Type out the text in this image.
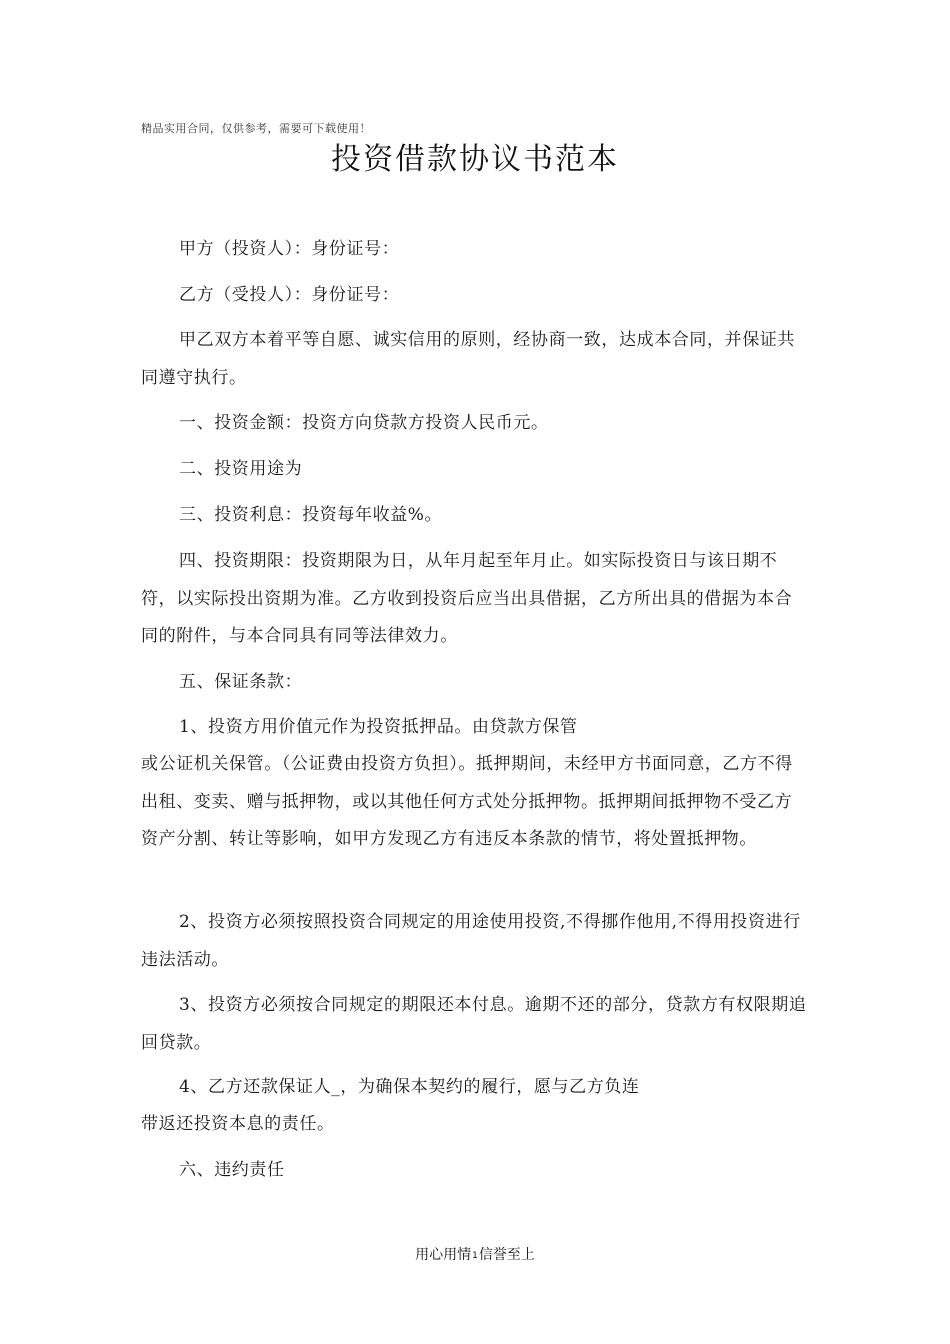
精品实用合同，仅供参考，需要可下载使用！
投资借款协议书范本
甲方（投资人）：身份证号：
乙方（受投人）：身份证号：
甲乙双方本着平等自愿、诚实信用的原则，经协商一致，达成本合同，并保证共同遵守执行。
一、投资金额：投资方向贷款方投资人民币元。
二、投资用途为
三、投资利息：投资每年收益%。
四、投资期限：投资期限为日，从年月起至年月止。如实际投资日与该日期不符，以实际投出资期为准。乙方收到投资后应当出具借据，乙方所出具的借据为本合同的附件，与本合同具有同等法律效力。
五、保证条款：
1、投资方用价值元作为投资抵押品。由贷款方保管
或公证机关保管。（公证费由投资方负担）。抵押期间，未经甲方书面同意，乙方不得出租、变卖、赠与抵押物，或以其他任何方式处分抵押物。抵押期间抵押物不受乙方资产分割、转让等影响，如甲方发现乙方有违反本条款的情节，将处置抵押物。
2、投资方必须按照投资合同规定的用途使用投资,不得挪作他用,不得用投资进行违法活动。
3、投资方必须按合同规定的期限还本付息。逾期不还的部分，贷款方有权限期追回贷款。
4、乙方还款保证人_，为确保本契约的履行，愿与乙方负连
带返还投资本息的责任。
六、违约责任
用心用情1信誉至上
